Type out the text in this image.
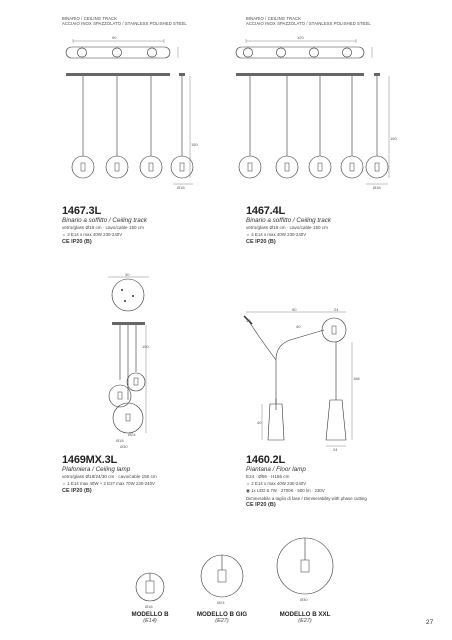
BINARIO / CEILING TRACK
ACCIAIO INOX SPAZZOLATO / STAINLESS POLISHED STEEL
BINARIO / CEILING TRACK
ACCIAIO INOX SPAZZOLATO / STAINLESS POLISHED STEEL
90	120
150
150
Ø18	Ø18
30
150
Ø24
Ø18
Ø30
90
30
40
24
186
40
24
1467.3L
Binario a soffitto / Ceiling track
vetro/glass Ø18 cm · cavo/cable 150 cm
☼ 3 E14 x max 40W 230-240V
CE IP20 (B)
1467.4L
Binario a soffitto / Ceiling track
vetro/glass Ø18 cm · cavo/cable 150 cm
☼ 4 E14 x max 40W 230-240V
CE IP20 (B)
1469MX.3L
Plafoniera / Ceiling lamp
vetro/glass Ø18/24/30 cm · cavo/cable 150 cm
☼ 1 E14 max 40W + 2 E27 max 70W 230-240V
CE IP20 (B)
1460.2L
Piantana / Floor lamp
E24 · Ø56 · H186 cm
☼ 2 E14 x max 40W 230-240V
◉ 1x LED 6.7W · 2700K · 500 lm · 230V
Dimmerabile a taglio di fase / Dimmerability with phase cutting
CE IP20 (B)
Ø18
Ø24
Ø30
MODELLO B
(E14)
MODELLO B GIG
(E27)
MODELLO B XXL
(E27)	27
